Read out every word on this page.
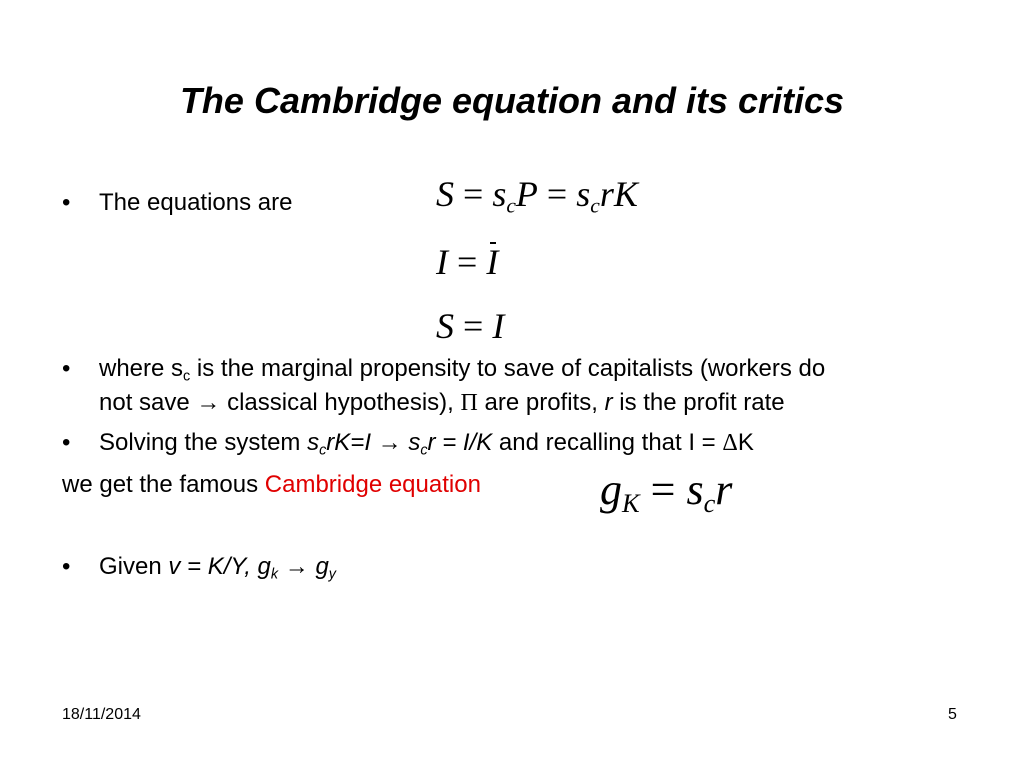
The Cambridge equation and its critics
• The equations are	$S = s_cP = s_crK$
I = I
S = I
• where $s_c$ is the marginal propensity to save of capitalists (workers do
not save → classical hypothesis), Π are profits, r is the profit rate
• Solving the system $s_crK=I \to s_cr = I/K$ and recalling that I = ΔK
we get the famous Cambridge equation	$g_K = s_cr$
• Given v = K/Y, $g_k \to g_y$
18/11/2014	5
